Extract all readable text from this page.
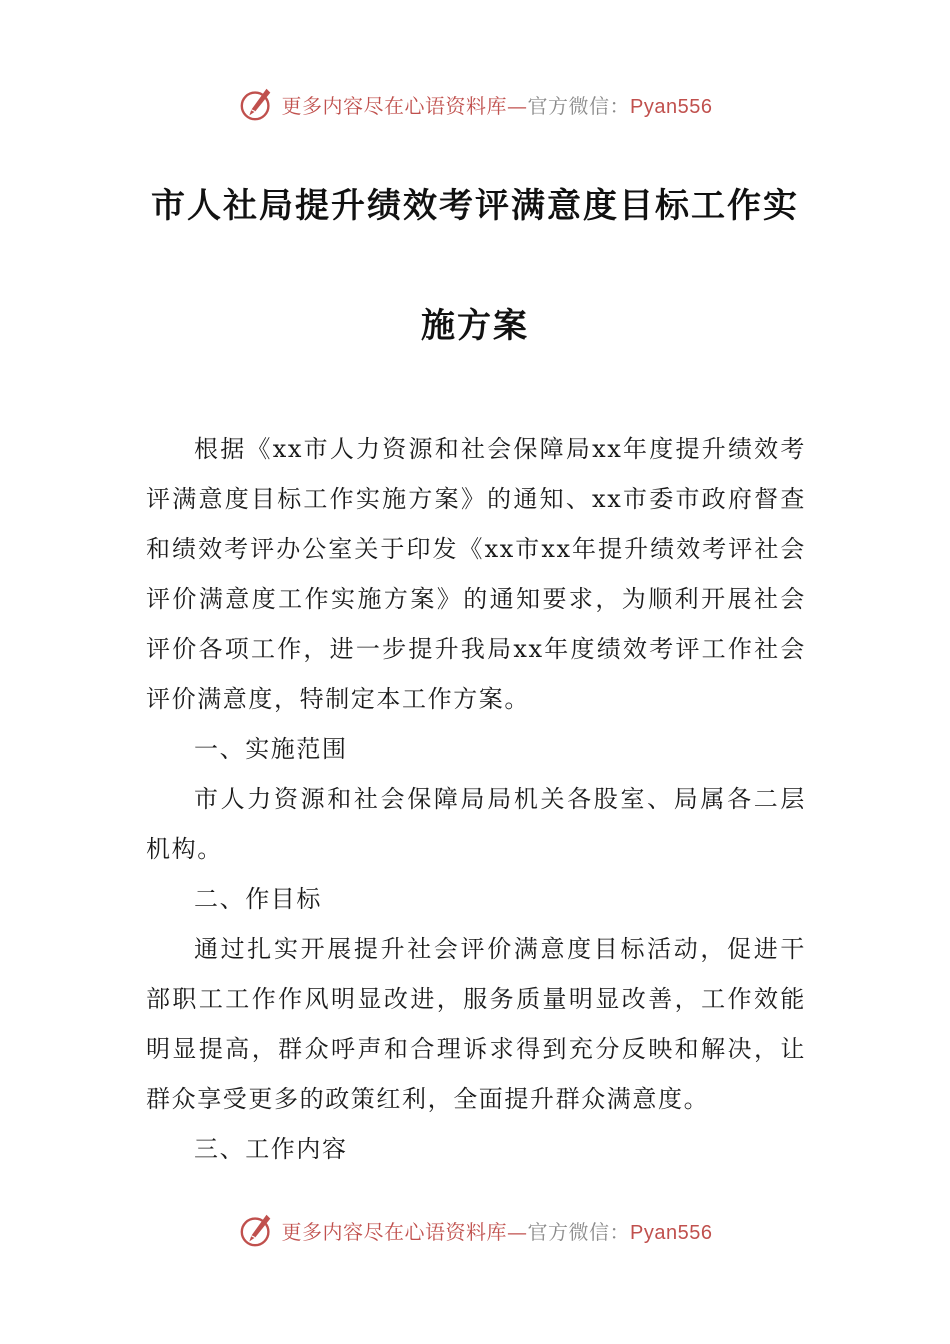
更多内容尽在心语资料库—官方微信：Pyan556
市人社局提升绩效考评满意度目标工作实
施方案

根据《xx市人力资源和社会保障局xx年度提升绩效考评满意度目标工作实施方案》的通知、xx市委市政府督查和绩效考评办公室关于印发《xx市xx年提升绩效考评社会评价满意度工作实施方案》的通知要求，为顺利开展社会评价各项工作，进一步提升我局xx年度绩效考评工作社会评价满意度，特制定本工作方案。

一、实施范围

市人力资源和社会保障局局机关各股室、局属各二层机构。

二、作目标

通过扎实开展提升社会评价满意度目标活动，促进干部职工工作作风明显改进，服务质量明显改善，工作效能明显提高，群众呼声和合理诉求得到充分反映和解决，让群众享受更多的政策红利，全面提升群众满意度。

三、工作内容

更多内容尽在心语资料库—官方微信：Pyan556
